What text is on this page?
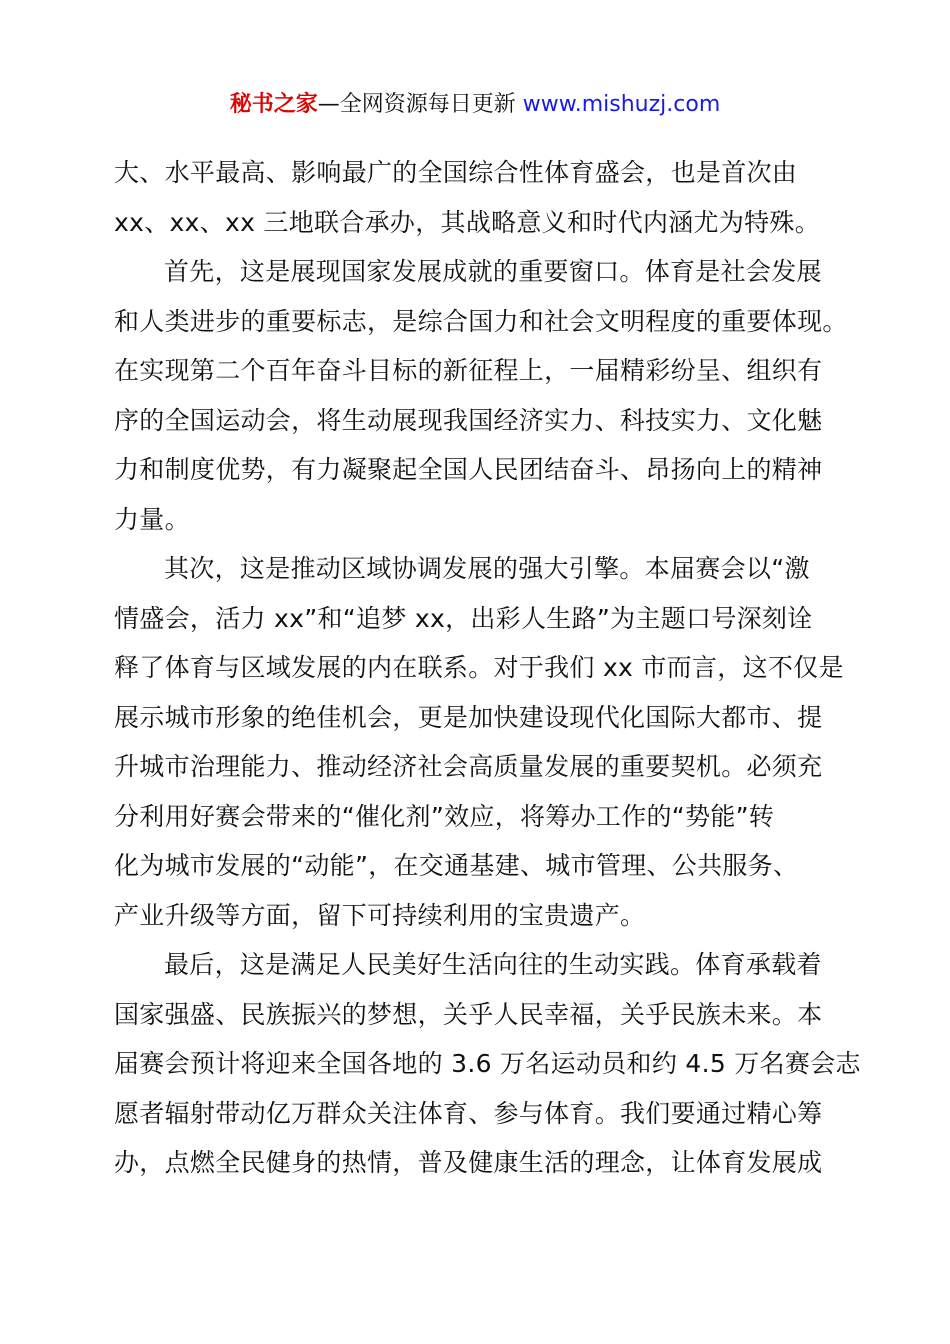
秘书之家—全网资源每日更新 www.mishuzj.com
大、水平最高、影响最广的全国综合性体育盛会，也是首次由
xx、xx、xx 三地联合承办，其战略意义和时代内涵尤为特殊。
首先，这是展现国家发展成就的重要窗口。体育是社会发展
和人类进步的重要标志，是综合国力和社会文明程度的重要体现。
在实现第二个百年奋斗目标的新征程上，一届精彩纷呈、组织有
序的全国运动会，将生动展现我国经济实力、科技实力、文化魅
力和制度优势，有力凝聚起全国人民团结奋斗、昂扬向上的精神
力量。
其次，这是推动区域协调发展的强大引擎。本届赛会以“激
情盛会，活力 xx”和“追梦 xx，出彩人生路”为主题口号深刻诠
释了体育与区域发展的内在联系。对于我们 xx 市而言，这不仅是
展示城市形象的绝佳机会，更是加快建设现代化国际大都市、提
升城市治理能力、推动经济社会高质量发展的重要契机。必须充
分利用好赛会带来的“催化剂”效应，将筹办工作的“势能”转
化为城市发展的“动能”，在交通基建、城市管理、公共服务、
产业升级等方面，留下可持续利用的宝贵遗产。
最后，这是满足人民美好生活向往的生动实践。体育承载着
国家强盛、民族振兴的梦想，关乎人民幸福，关乎民族未来。本
届赛会预计将迎来全国各地的 3.6 万名运动员和约 4.5 万名赛会志
愿者辐射带动亿万群众关注体育、参与体育。我们要通过精心筹
办，点燃全民健身的热情，普及健康生活的理念，让体育发展成
